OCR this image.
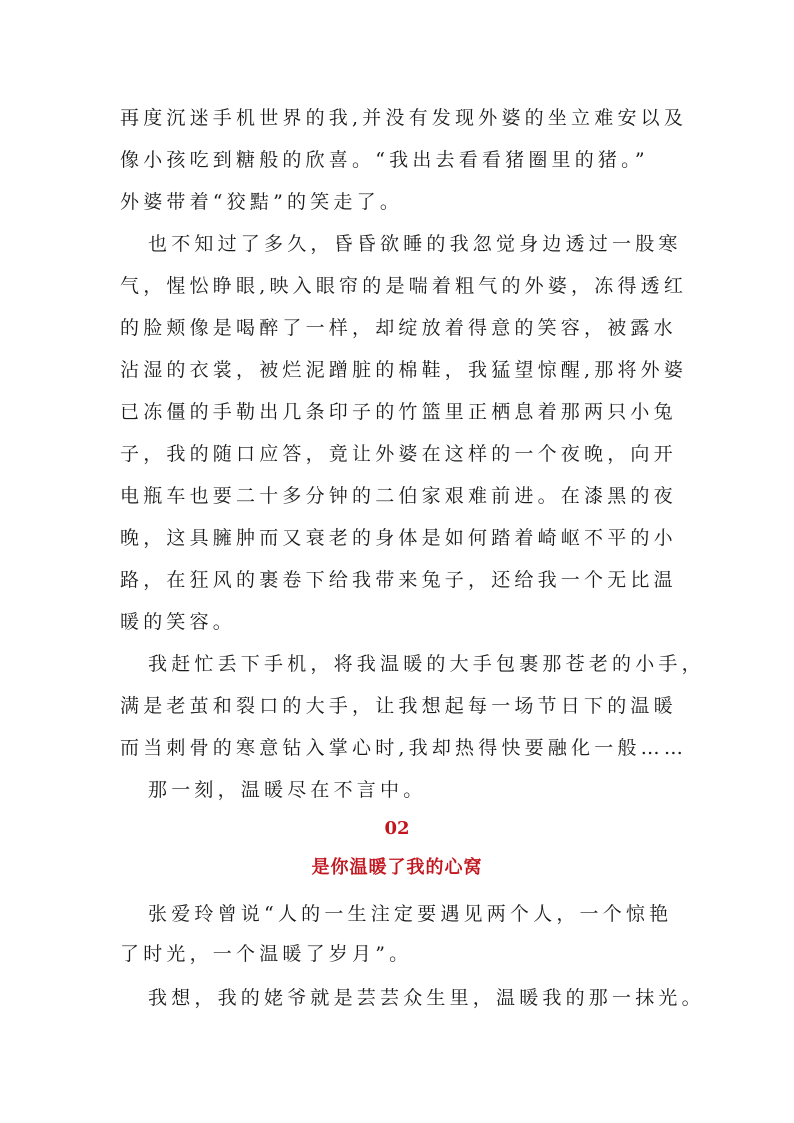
再度沉迷手机世界的我,并没有发现外婆的坐立难安以及
像小孩吃到糖般的欣喜。“我出去看看猪圈里的猪。”
外婆带着“狡黠”的笑走了。
也不知过了多久，昏昏欲睡的我忽觉身边透过一股寒
气，惺忪睁眼,映入眼帘的是喘着粗气的外婆，冻得透红
的脸颊像是喝醉了一样，却绽放着得意的笑容，被露水
沾湿的衣裳，被烂泥蹭脏的棉鞋，我猛望惊醒,那将外婆
已冻僵的手勒出几条印子的竹篮里正栖息着那两只小兔
子，我的随口应答，竟让外婆在这样的一个夜晚，向开
电瓶车也要二十多分钟的二伯家艰难前进。在漆黑的夜
晚，这具臃肿而又衰老的身体是如何踏着崎岖不平的小
路，在狂风的裹卷下给我带来兔子，还给我一个无比温
暖的笑容。
我赶忙丢下手机，将我温暖的大手包裹那苍老的小手，
满是老茧和裂口的大手，让我想起每一场节日下的温暖
而当刺骨的寒意钻入掌心时,我却热得快要融化一般……
那一刻，温暖尽在不言中。
02
是你温暖了我的心窝
张爱玲曾说“人的一生注定要遇见两个人，一个惊艳
了时光，一个温暖了岁月”。
我想，我的姥爷就是芸芸众生里，温暖我的那一抹光。
